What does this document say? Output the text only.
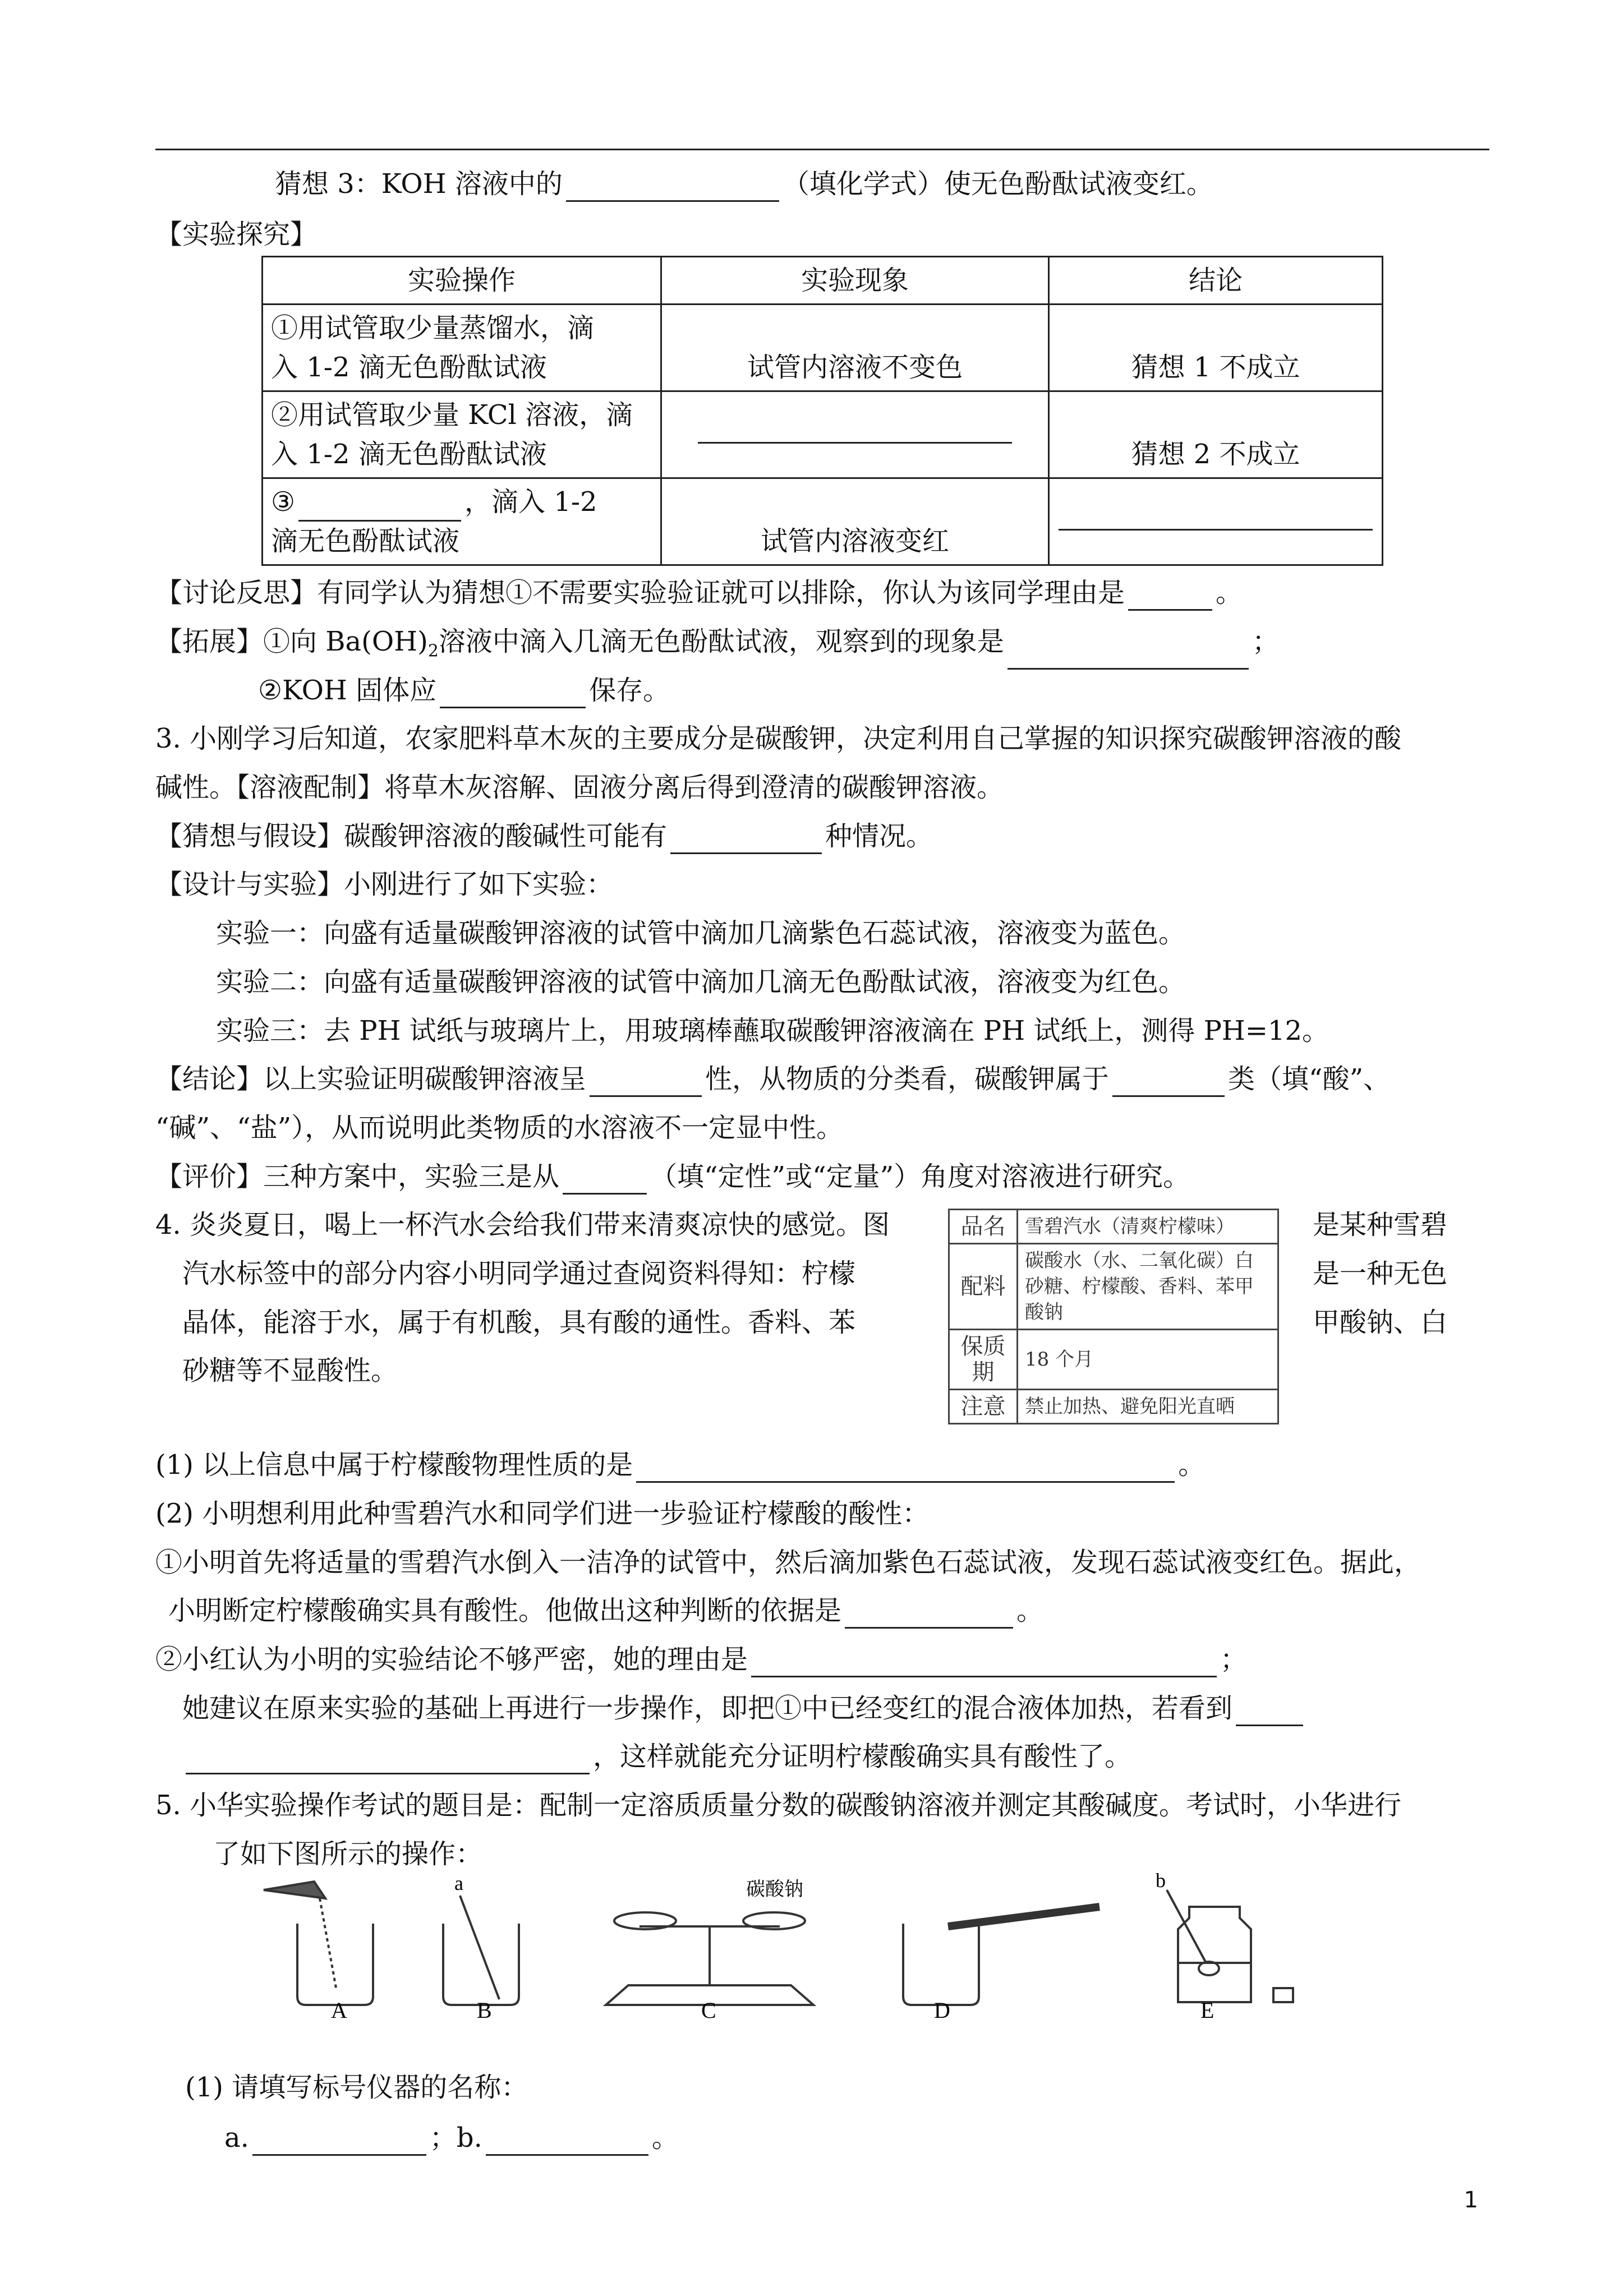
猜想 3：KOH 溶液中的	（填化学式）使无色酚酞试液变红。
【实验探究】
实验操作	实验现象	结论

①用试管取少量蒸馏水，滴
入 1-2 滴无色酚酞试液	试管内溶液不变色	猜想 1 不成立

②用试管取少量 KCl 溶液，滴
入 1-2 滴无色酚酞试液		猜想 2 不成立

③ ，滴入 1-2
滴无色酚酞试液	试管内溶液变红	
【讨论反思】有同学认为猜想①不需要实验验证就可以排除，你认为该同学理由是	。
【拓展】①向 $Ba(OH)_2$溶液中滴入几滴无色酚酞试液，观察到的现象是	；
②KOH 固体应	保存。
3. 小刚学习后知道，农家肥料草木灰的主要成分是碳酸钾，决定利用自己掌握的知识探究碳酸钾溶液的酸
碱性。【溶液配制】将草木灰溶解、固液分离后得到澄清的碳酸钾溶液。
【猜想与假设】碳酸钾溶液的酸碱性可能有	种情况。
【设计与实验】小刚进行了如下实验：
实验一：向盛有适量碳酸钾溶液的试管中滴加几滴紫色石蕊试液，溶液变为蓝色。
实验二：向盛有适量碳酸钾溶液的试管中滴加几滴无色酚酞试液，溶液变为红色。
实验三：去 PH 试纸与玻璃片上，用玻璃棒蘸取碳酸钾溶液滴在 PH 试纸上，测得 PH=12。
【结论】以上实验证明碳酸钾溶液呈	性，从物质的分类看，碳酸钾属于	类（填“酸”、
“碱”、“盐”），从而说明此类物质的水溶液不一定显中性。
【评价】三种方案中，实验三是从	（填“定性”或“定量”）角度对溶液进行研究。
4. 炎炎夏日，喝上一杯汽水会给我们带来清爽凉快的感觉。图	是某种雪碧
汽水标签中的部分内容小明同学通过查阅资料得知：柠檬	是一种无色
晶体，能溶于水，属于有机酸，具有酸的通性。香料、苯	甲酸钠、白
砂糖等不显酸性。
品名	雪碧汽水（清爽柠檬味）
配料	碳酸水（水、二氧化碳）白砂糖、柠檬酸、香料、苯甲酸钠
保质期	18 个月
注意	禁止加热、避免阳光直晒
(1) 以上信息中属于柠檬酸物理性质的是	。
(2) 小明想利用此种雪碧汽水和同学们进一步验证柠檬酸的酸性：
①小明首先将适量的雪碧汽水倒入一洁净的试管中，然后滴加紫色石蕊试液，发现石蕊试液变红色。据此，
小明断定柠檬酸确实具有酸性。他做出这种判断的依据是	。
②小红认为小明的实验结论不够严密，她的理由是	；
她建议在原来实验的基础上再进行一步操作，即把①中已经变红的混合液体加热，若看到
，这样就能充分证明柠檬酸确实具有酸性了。
5. 小华实验操作考试的题目是：配制一定溶质质量分数的碳酸钠溶液并测定其酸碱度。考试时，小华进行
了如下图所示的操作：
A	B	C	D	E
a	b
碳酸钠
(1) 请填写标号仪器的名称：
a.	；b.	。
1
